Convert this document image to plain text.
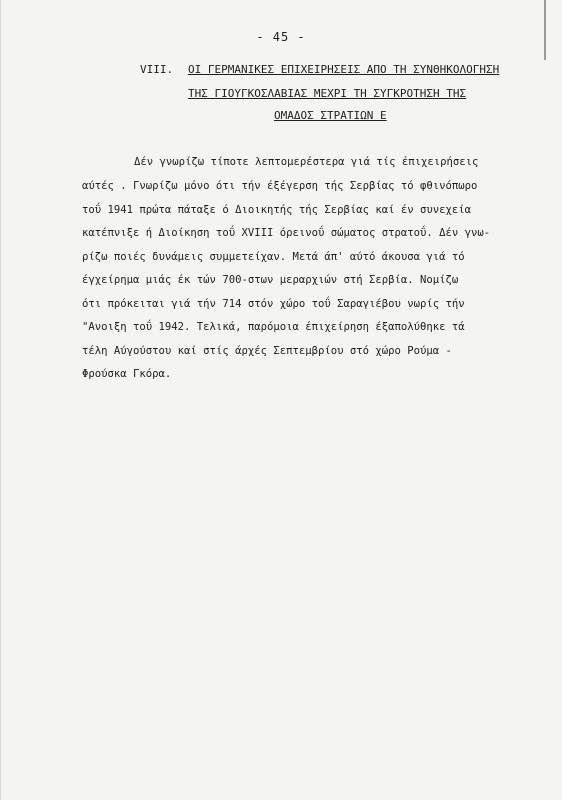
- 45 -
VIII. ΟΙ ΓΕΡΜΑΝΙΚΕΣ ΕΠΙΧΕΙΡΗΣΕΙΣ ΑΠΟ ΤΗ ΣΥΝΘΗΚΟΛΟΓΗΣΗ
ΤΗΣ ΓΙΟΥΓΚΟΣΛΑΒΙΑΣ ΜΕΧΡΙ ΤΗ ΣΥΓΚΡΟΤΗΣΗ ΤΗΣ
ΟΜΑΔΟΣ ΣΤΡΑΤΙΩΝ Ε
Δέν γνωρίζω τίποτε λεπτομερέστερα γιά τίς έπιχειρήσεις
αύτές . Γνωρίζω μόνο ότι τήν έξέγερση τής Σερβίας τό φθινόπωρο
τοΰ 1941 πρώτα πάταξε ό Διοικητής τής Σερβίας καί έν συνεχεία
κατέπνιξε ή Διοίκηση τοΰ XVIII όρεινοΰ σώματος στρατοΰ. Δέν γνω-
ρίζω ποιές δυνάμεις συμμετείχαν. Μετά άπ' αύτό άκουσα γιά τό
έγχείρημα μιάς έκ τών 700-στων μεραρχιών στή Σερβία. Νομίζω
ότι πρόκειται γιά τήν 714 στόν χώρο τοΰ Σαραγιέβου νωρίς τήν
"Ανοιξη τοΰ 1942. Τελικά, παρόμοια έπιχείρηση έξαπολύθηκε τά
τέλη Αύγούστου καί στίς άρχές Σεπτεμβρίου στό χώρο Ρούμα -
Φρούσκα Γκόρα.
